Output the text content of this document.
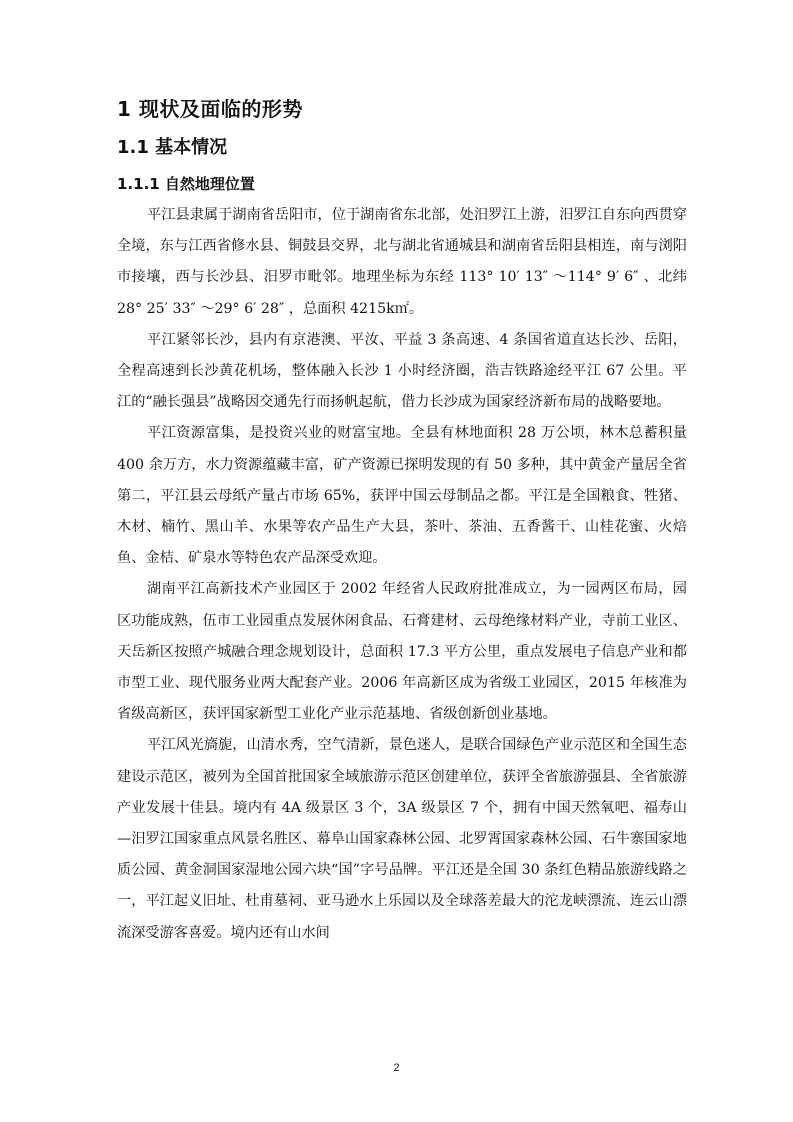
1 现状及面临的形势
1.1 基本情况
1.1.1 自然地理位置

平江县隶属于湖南省岳阳市，位于湖南省东北部，处汨罗江上游，汨罗江自东向西贯穿全境，东与江西省修水县、铜鼓县交界，北与湖北省通城县和湖南省岳阳县相连，南与浏阳市接壤，西与长沙县、汨罗市毗邻。地理坐标为东经 113° 10′ 13″ ～114° 9′ 6″ 、北纬 28° 25′ 33″ ～29° 6′ 28″ ，总面积 4215k㎡。

平江紧邻长沙，县内有京港澳、平汝、平益 3 条高速、4 条国省道直达长沙、岳阳，全程高速到长沙黄花机场，整体融入长沙 1 小时经济圈，浩吉铁路途经平江 67 公里。平江的“融长强县”战略因交通先行而扬帆起航，借力长沙成为国家经济新布局的战略要地。

平江资源富集，是投资兴业的财富宝地。全县有林地面积 28 万公顷，林木总蓄积量 400 余万方，水力资源蕴藏丰富，矿产资源已探明发现的有 50 多种，其中黄金产量居全省第二，平江县云母纸产量占市场 65%，获评中国云母制品之都。平江是全国粮食、牲猪、木材、楠竹、黑山羊、水果等农产品生产大县，茶叶、茶油、五香酱干、山桂花蜜、火焙鱼、金桔、矿泉水等特色农产品深受欢迎。

湖南平江高新技术产业园区于 2002 年经省人民政府批准成立，为一园两区布局，园区功能成熟，伍市工业园重点发展休闲食品、石膏建材、云母绝缘材料产业，寺前工业区、天岳新区按照产城融合理念规划设计，总面积 17.3 平方公里，重点发展电子信息产业和都市型工业、现代服务业两大配套产业。2006 年高新区成为省级工业园区，2015 年核准为省级高新区，获评国家新型工业化产业示范基地、省级创新创业基地。

平江风光旖旎，山清水秀，空气清新，景色迷人，是联合国绿色产业示范区和全国生态建设示范区，被列为全国首批国家全域旅游示范区创建单位，获评全省旅游强县、全省旅游产业发展十佳县。境内有 4A 级景区 3 个，3A 级景区 7 个，拥有中国天然氧吧、福寿山—汨罗江国家重点风景名胜区、幕阜山国家森林公园、北罗霄国家森林公园、石牛寨国家地质公园、黄金洞国家湿地公园六块“国”字号品牌。平江还是全国 30 条红色精品旅游线路之一，平江起义旧址、杜甫墓祠、亚马逊水上乐园以及全球落差最大的沱龙峡漂流、连云山漂流深受游客喜爱。境内还有山水间

2
